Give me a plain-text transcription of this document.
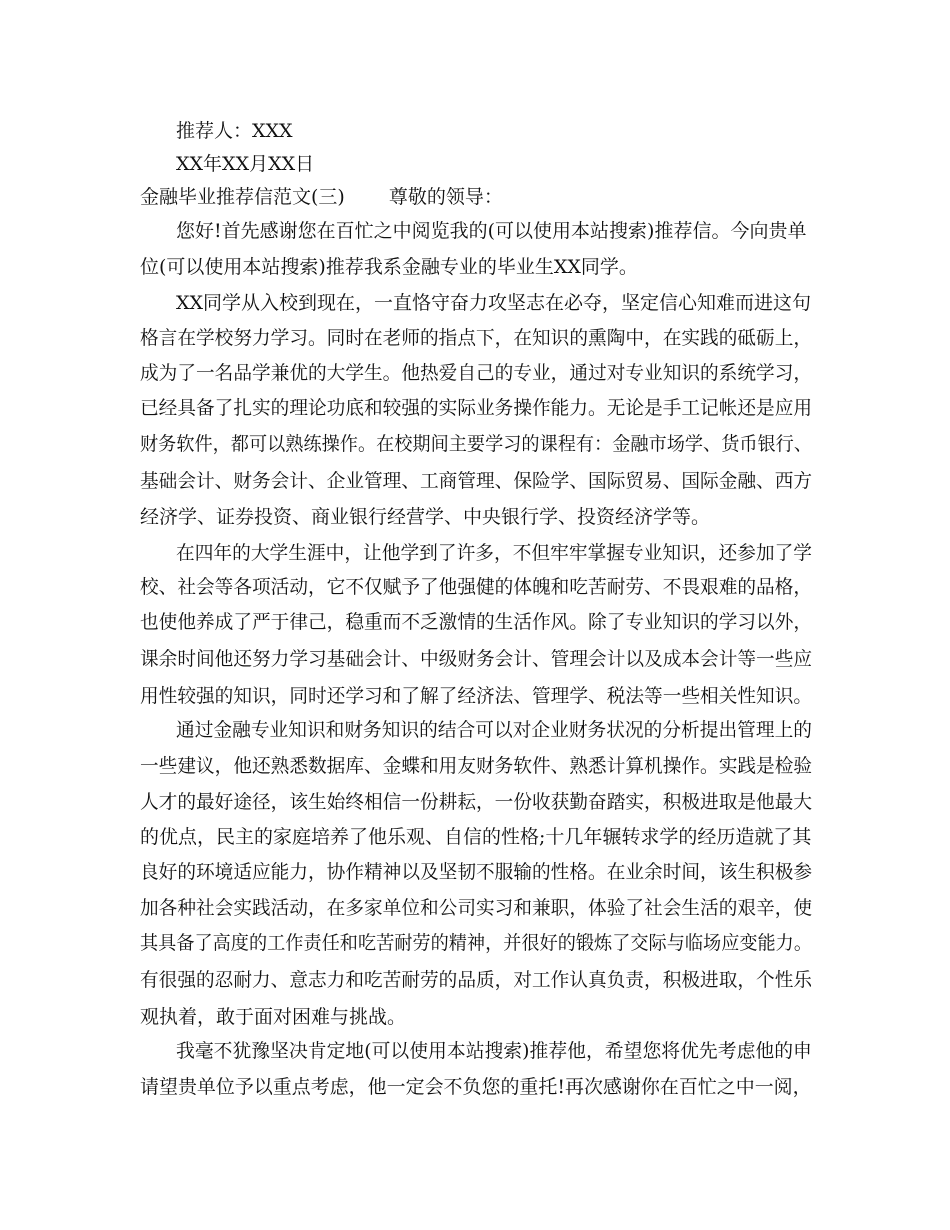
推荐人：XXX
XX年XX月XX日
金融毕业推荐信范文(三) 尊敬的领导：
您好!首先感谢您在百忙之中阅览我的(可以使用本站搜索)推荐信。今向贵单
位(可以使用本站搜索)推荐我系金融专业的毕业生XX同学。
XX同学从入校到现在，一直恪守奋力攻坚志在必夺，坚定信心知难而进这句
格言在学校努力学习。同时在老师的指点下，在知识的熏陶中，在实践的砥砺上，
成为了一名品学兼优的大学生。他热爱自己的专业，通过对专业知识的系统学习，
已经具备了扎实的理论功底和较强的实际业务操作能力。无论是手工记帐还是应用
财务软件，都可以熟练操作。在校期间主要学习的课程有：金融市场学、货币银行、
基础会计、财务会计、企业管理、工商管理、保险学、国际贸易、国际金融、西方
经济学、证券投资、商业银行经营学、中央银行学、投资经济学等。
在四年的大学生涯中，让他学到了许多，不但牢牢掌握专业知识，还参加了学
校、社会等各项活动，它不仅赋予了他强健的体魄和吃苦耐劳、不畏艰难的品格，
也使他养成了严于律己，稳重而不乏激情的生活作风。除了专业知识的学习以外，
课余时间他还努力学习基础会计、中级财务会计、管理会计以及成本会计等一些应
用性较强的知识，同时还学习和了解了经济法、管理学、税法等一些相关性知识。
通过金融专业知识和财务知识的结合可以对企业财务状况的分析提出管理上的
一些建议，他还熟悉数据库、金蝶和用友财务软件、熟悉计算机操作。实践是检验
人才的最好途径，该生始终相信一份耕耘，一份收获勤奋踏实，积极进取是他最大
的优点，民主的家庭培养了他乐观、自信的性格;十几年辗转求学的经历造就了其
良好的环境适应能力，协作精神以及坚韧不服输的性格。在业余时间，该生积极参
加各种社会实践活动，在多家单位和公司实习和兼职，体验了社会生活的艰辛，使
其具备了高度的工作责任和吃苦耐劳的精神，并很好的锻炼了交际与临场应变能力。
有很强的忍耐力、意志力和吃苦耐劳的品质，对工作认真负责，积极进取，个性乐
观执着，敢于面对困难与挑战。
我毫不犹豫坚决肯定地(可以使用本站搜索)推荐他，希望您将优先考虑他的申
请望贵单位予以重点考虑，他一定会不负您的重托!再次感谢你在百忙之中一阅，
